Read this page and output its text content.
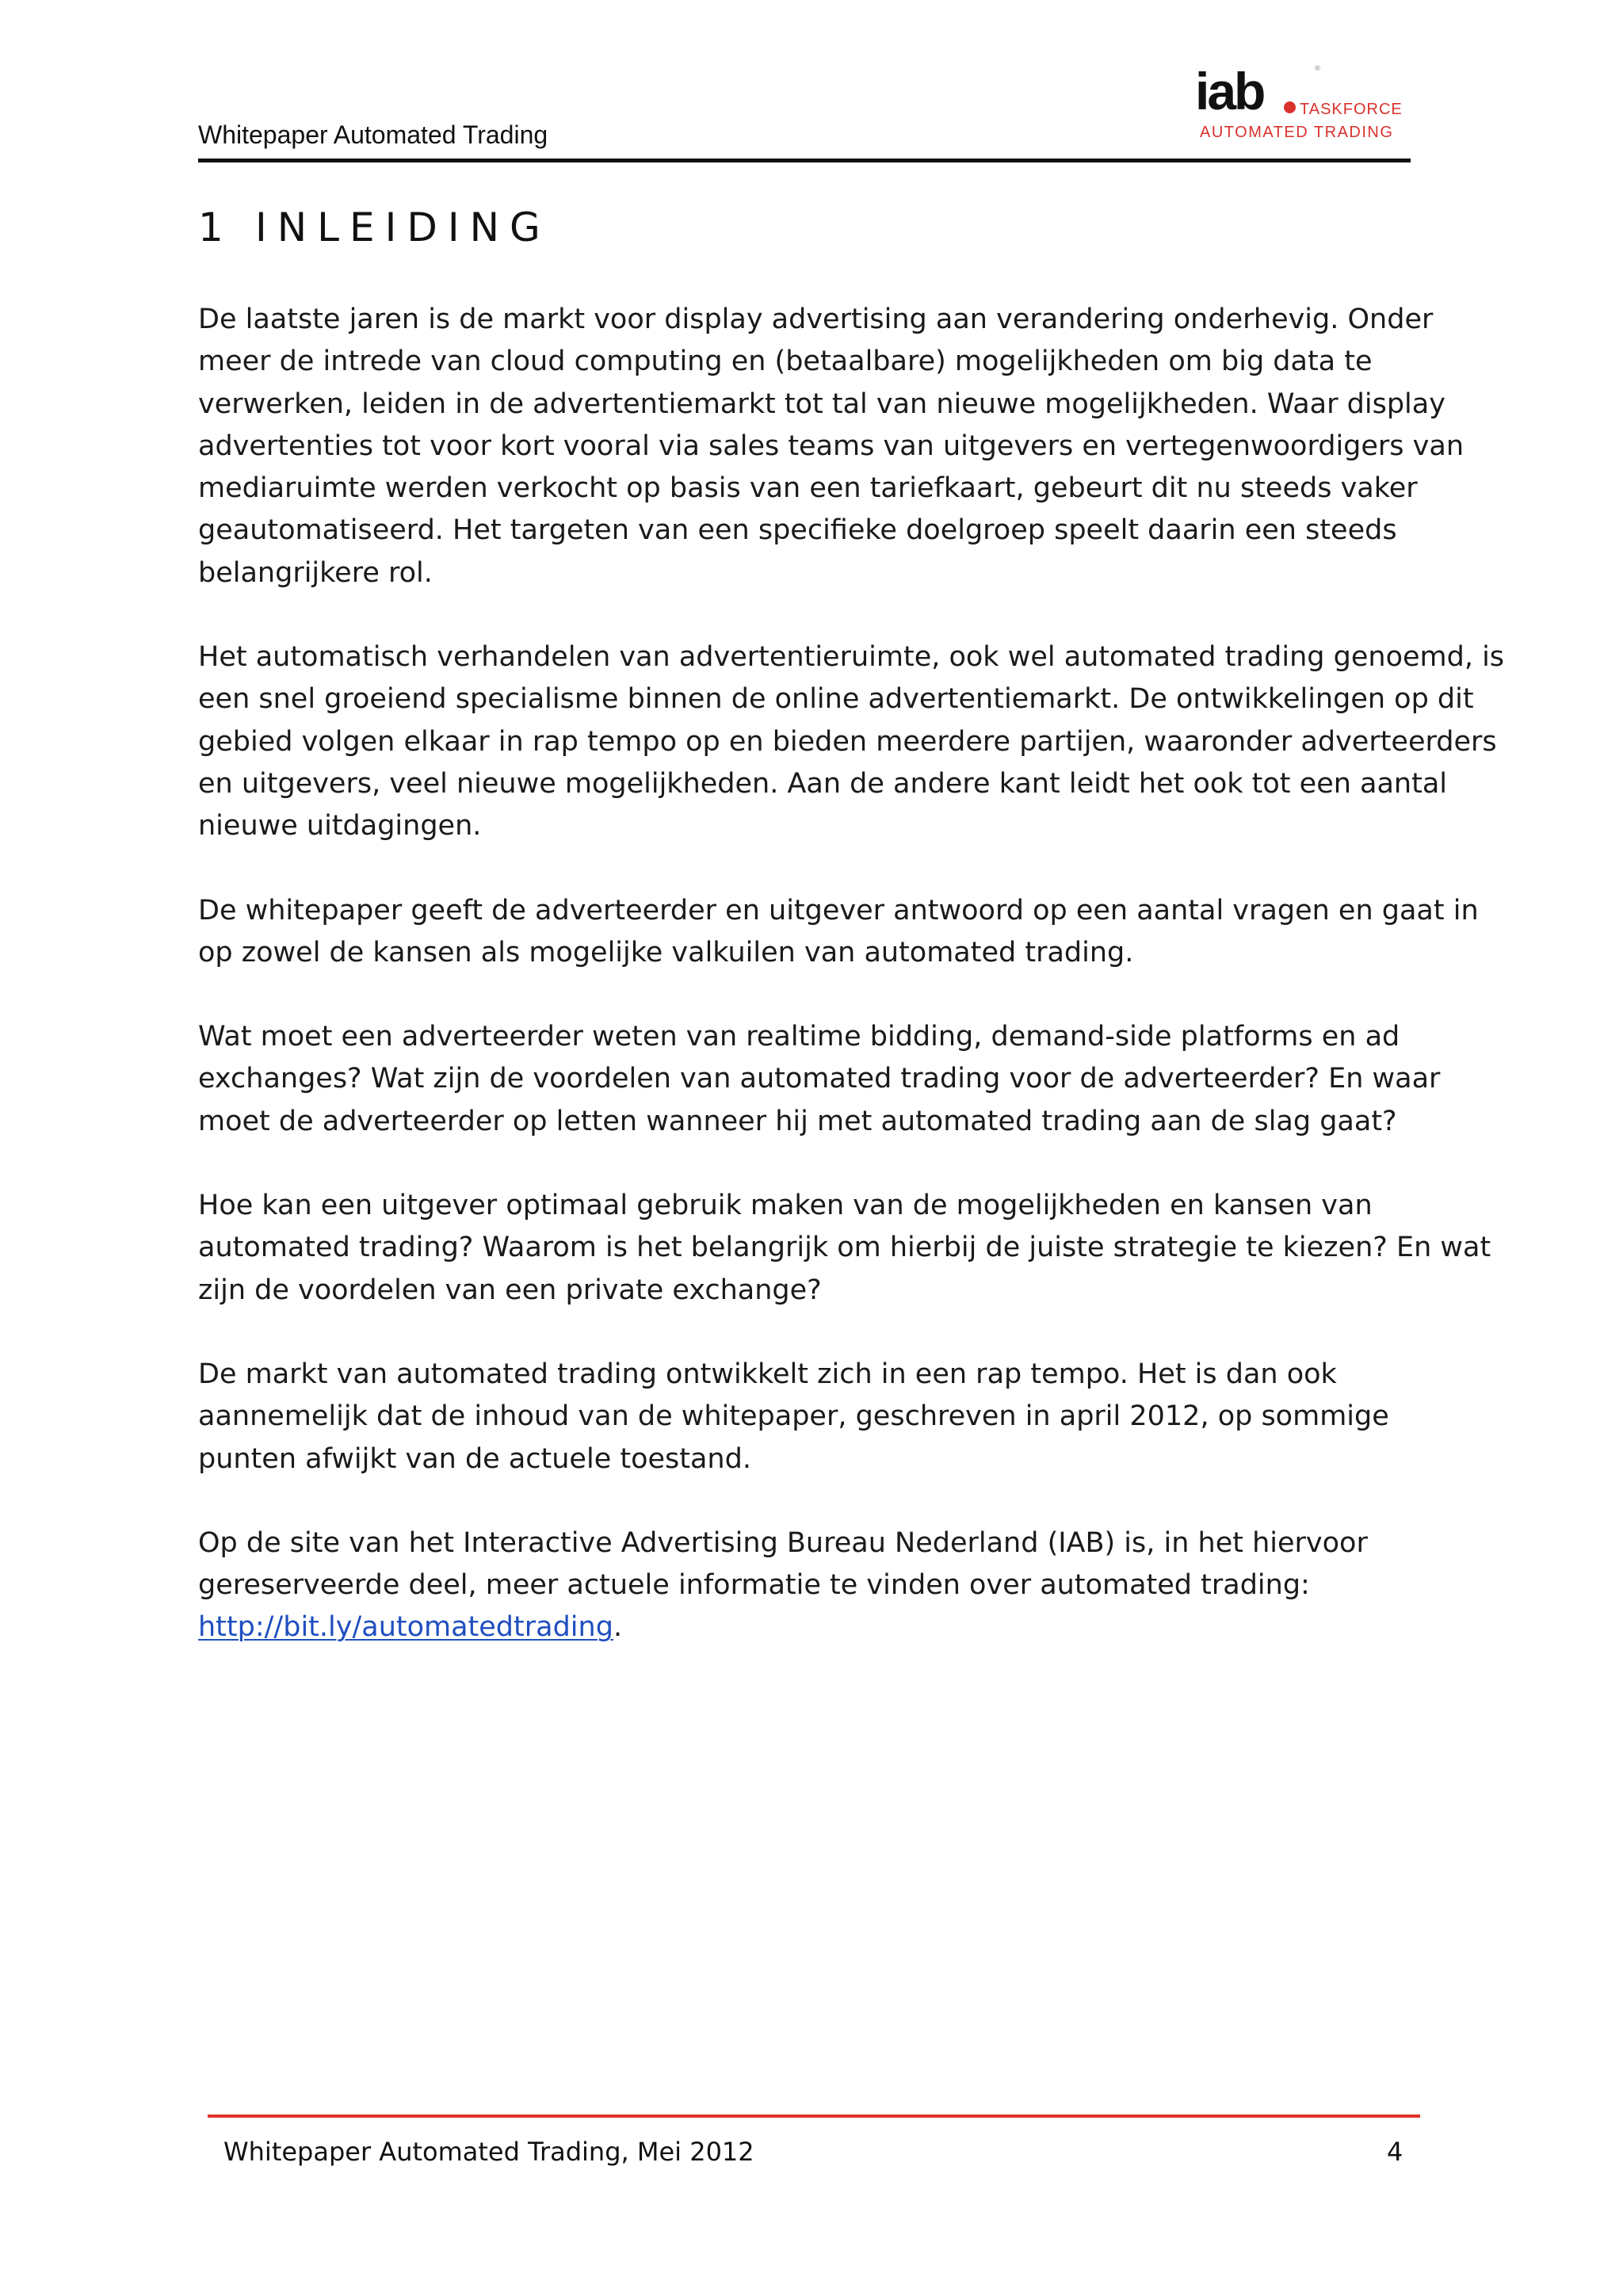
Whitepaper Automated Trading
iab	®
TASKFORCE
AUTOMATED TRADING
1 INLEIDING

De laatste jaren is de markt voor display advertising aan verandering onderhevig. Onder
meer de intrede van cloud computing en (betaalbare) mogelijkheden om big data te
verwerken, leiden in de advertentiemarkt tot tal van nieuwe mogelijkheden. Waar display
advertenties tot voor kort vooral via sales teams van uitgevers en vertegenwoordigers van
mediaruimte werden verkocht op basis van een tariefkaart, gebeurt dit nu steeds vaker
geautomatiseerd. Het targeten van een specifieke doelgroep speelt daarin een steeds
belangrijkere rol.

Het automatisch verhandelen van advertentieruimte, ook wel automated trading genoemd, is
een snel groeiend specialisme binnen de online advertentiemarkt. De ontwikkelingen op dit
gebied volgen elkaar in rap tempo op en bieden meerdere partijen, waaronder adverteerders
en uitgevers, veel nieuwe mogelijkheden. Aan de andere kant leidt het ook tot een aantal
nieuwe uitdagingen.

De whitepaper geeft de adverteerder en uitgever antwoord op een aantal vragen en gaat in
op zowel de kansen als mogelijke valkuilen van automated trading.

Wat moet een adverteerder weten van realtime bidding, demand-side platforms en ad
exchanges? Wat zijn de voordelen van automated trading voor de adverteerder? En waar
moet de adverteerder op letten wanneer hij met automated trading aan de slag gaat?

Hoe kan een uitgever optimaal gebruik maken van de mogelijkheden en kansen van
automated trading? Waarom is het belangrijk om hierbij de juiste strategie te kiezen? En wat
zijn de voordelen van een private exchange?

De markt van automated trading ontwikkelt zich in een rap tempo. Het is dan ook
aannemelijk dat de inhoud van de whitepaper, geschreven in april 2012, op sommige
punten afwijkt van de actuele toestand.

Op de site van het Interactive Advertising Bureau Nederland (IAB) is, in het hiervoor
gereserveerde deel, meer actuele informatie te vinden over automated trading:
http://bit.ly/automatedtrading.

Whitepaper Automated Trading, Mei 2012	4
